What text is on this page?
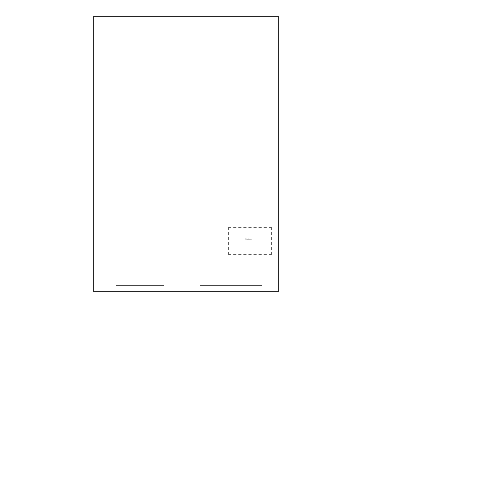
Timbro
